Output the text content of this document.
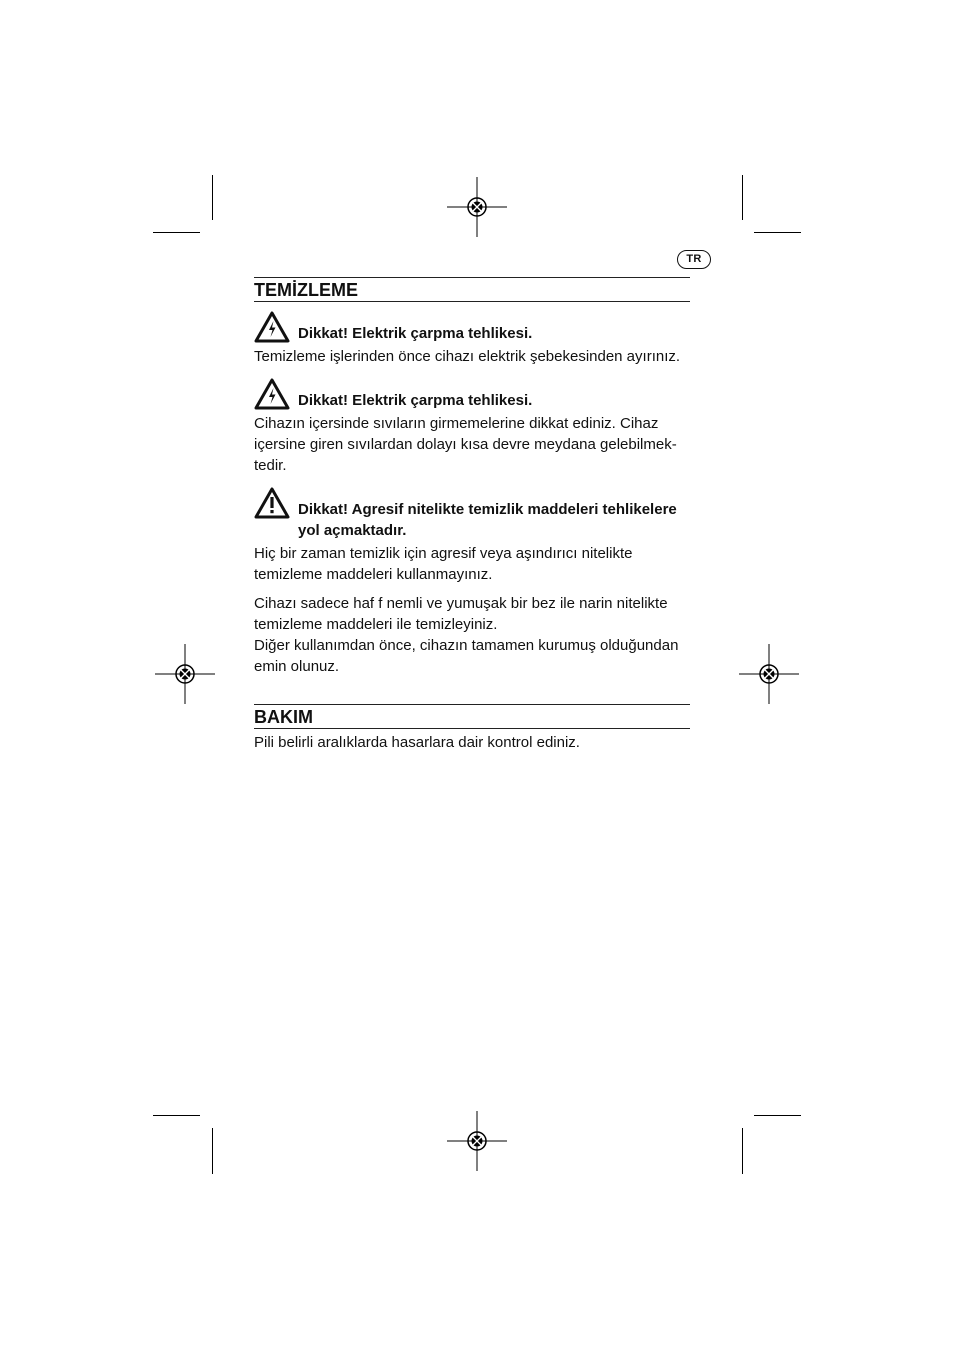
TR
TEMİZLEME
Dikkat! Elektrik çarpma tehlikesi.
Temizleme işlerinden önce cihazı elektrik şebekesinden ayırınız.
Dikkat! Elektrik çarpma tehlikesi.
Cihazın içersinde sıvıların girmemelerine dikkat ediniz. Cihaz
içersine giren sıvılardan dolayı kısa devre meydana gelebilmek-
tedir.
Dikkat! Agresif nitelikte temizlik maddeleri tehlikelere
yol açmaktadır.
Hiç bir zaman temizlik için agresif veya aşındırıcı nitelikte
temizleme maddeleri kullanmayınız.
Cihazı sadece haf f nemli ve yumuşak bir bez ile narin nitelikte
temizleme maddeleri ile temizleyiniz.
Diğer kullanımdan önce, cihazın tamamen kurumuş olduğundan
emin olunuz.
BAKIM
Pili belirli aralıklarda hasarlara dair kontrol ediniz.
